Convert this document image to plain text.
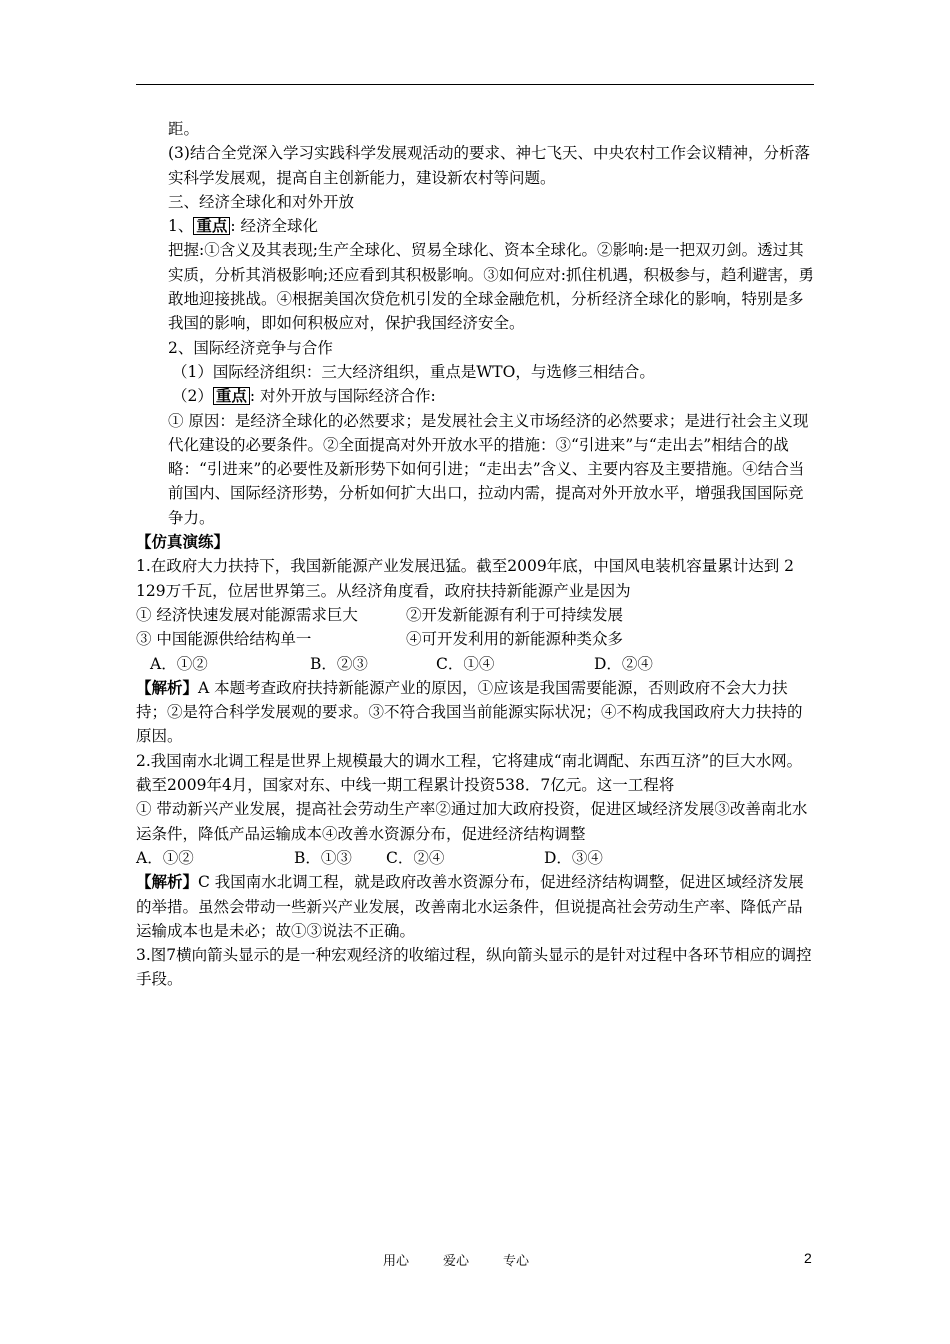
距。

(3)结合全党深入学习实践科学发展观活动的要求、神七飞天、中央农村工作会议精神，分析落实科学发展观，提高自主创新能力，建设新农村等问题。

三、经济全球化和对外开放

1、 重点 : 经济全球化

把握:①含义及其表现;生产全球化、贸易全球化、资本全球化。②影响:是一把双刃剑。透过其实质，分析其消极影响;还应看到其积极影响。③如何应对:抓住机遇，积极参与，趋利避害，勇敢地迎接挑战。④根据美国次贷危机引发的全球金融危机，分析经济全球化的影响，特别是多我国的影响，即如何积极应对，保护我国经济安全。

2、国际经济竞争与合作

（1）国际经济组织：三大经济组织，重点是WTO，与选修三相结合。

（2） 重点 : 对外开放与国际经济合作:

① 原因：是经济全球化的必然要求；是发展社会主义市场经济的必然要求；是进行社会主义现代化建设的必要条件。②全面提高对外开放水平的措施：③“引进来”与“走出去”相结合的战略：“引进来”的必要性及新形势下如何引进；“走出去”含义、主要内容及主要措施。④结合当前国内、国际经济形势，分析如何扩大出口，拉动内需，提高对外开放水平，增强我国国际竞争力。

【仿真演练】

1.在政府大力扶持下，我国新能源产业发展迅猛。截至2009年底，中国风电装机容量累计达到 2 129万千瓦，位居世界第三。从经济角度看，政府扶持新能源产业是因为

① 经济快速发展对能源需求巨大	②开发新能源有利于可持续发展
③ 中国能源供给结构单一	④可开发利用的新能源种类众多
A．①②	B．②③	C．①④	D．②④

【解析】A 本题考查政府扶持新能源产业的原因，①应该是我国需要能源，否则政府不会大力扶持；②是符合科学发展观的要求。③不符合我国当前能源实际状况；④不构成我国政府大力扶持的原因。

2.我国南水北调工程是世界上规模最大的调水工程，它将建成“南北调配、东西互济”的巨大水网。截至2009年4月，国家对东、中线一期工程累计投资538．7亿元。这一工程将

① 带动新兴产业发展，提高社会劳动生产率②通过加大政府投资，促进区域经济发展③改善南北水运条件，降低产品运输成本④改善水资源分布，促进经济结构调整

A．①②	B．①③	C．②④	D．③④

【解析】C 我国南水北调工程，就是政府改善水资源分布，促进经济结构调整，促进区域经济发展的举措。虽然会带动一些新兴产业发展，改善南北水运条件，但说提高社会劳动生产率、降低产品运输成本也是未必；故①③说法不正确。

3.图7横向箭头显示的是一种宏观经济的收缩过程，纵向箭头显示的是针对过程中各环节相应的调控手段。

用心	爱心	专心	2
